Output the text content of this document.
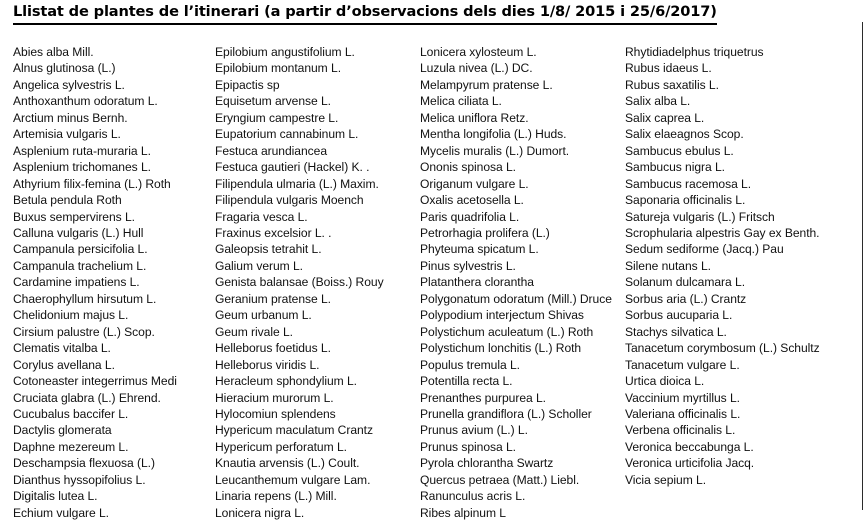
Llistat de plantes de l’itinerari (a partir d’observacions dels dies 1/8/ 2015 i 25/6/2017)
Abies alba Mill.
Alnus glutinosa (L.)
Angelica sylvestris L.
Anthoxanthum odoratum L.
Arctium minus Bernh.
Artemisia vulgaris L.
Asplenium ruta-muraria L.
Asplenium trichomanes L.
Athyrium filix-femina (L.) Roth
Betula pendula Roth
Buxus sempervirens L.
Calluna vulgaris (L.) Hull
Campanula persicifolia L.
Campanula trachelium L.
Cardamine impatiens L.
Chaerophyllum hirsutum L.
Chelidonium majus L.
Cirsium palustre (L.) Scop.
Clematis vitalba L.
Corylus avellana L.
Cotoneaster integerrimus Medi
Cruciata glabra (L.) Ehrend.
Cucubalus baccifer L.
Dactylis glomerata
Daphne mezereum L.
Deschampsia flexuosa (L.)
Dianthus hyssopifolius L.
Digitalis lutea L.
Echium vulgare L.
Epilobium angustifolium L.
Epilobium montanum L.
Epipactis sp
Equisetum arvense L.
Eryngium campestre L.
Eupatorium cannabinum L.
Festuca arundiancea
Festuca gautieri (Hackel) K. .
Filipendula ulmaria (L.) Maxim.
Filipendula vulgaris Moench
Fragaria vesca L.
Fraxinus excelsior L. .
Galeopsis tetrahit L.
Galium verum L.
Genista balansae (Boiss.) Rouy
Geranium pratense L.
Geum urbanum L.
Geum rivale L.
Helleborus foetidus L.
Helleborus viridis L.
Heracleum sphondylium L.
Hieracium murorum L.
Hylocomiun splendens
Hypericum maculatum Crantz
Hypericum perforatum L.
Knautia arvensis (L.) Coult.
Leucanthemum vulgare Lam.
Linaria repens (L.) Mill.
Lonicera nigra L.
Lonicera xylosteum L.
Luzula nivea (L.) DC.
Melampyrum pratense L.
Melica ciliata L.
Melica uniflora Retz.
Mentha longifolia (L.) Huds.
Mycelis muralis (L.) Dumort.
Ononis spinosa L.
Origanum vulgare L.
Oxalis acetosella L.
Paris quadrifolia L.
Petrorhagia prolifera (L.)
Phyteuma spicatum L.
Pinus sylvestris L.
Platanthera clorantha
Polygonatum odoratum (Mill.) Druce
Polypodium interjectum Shivas
Polystichum aculeatum (L.) Roth
Polystichum lonchitis (L.) Roth
Populus tremula L.
Potentilla recta L.
Prenanthes purpurea L.
Prunella grandiflora (L.) Scholler
Prunus avium (L.) L.
Prunus spinosa L.
Pyrola chlorantha Swartz
Quercus petraea (Matt.) Liebl.
Ranunculus acris L.
Ribes alpinum L
Rhytidiadelphus triquetrus
Rubus idaeus L.
Rubus saxatilis L.
Salix alba L.
Salix caprea L.
Salix elaeagnos Scop.
Sambucus ebulus L.
Sambucus nigra L.
Sambucus racemosa L.
Saponaria officinalis L.
Satureja vulgaris (L.) Fritsch
Scrophularia alpestris Gay ex Benth.
Sedum sediforme (Jacq.) Pau
Silene nutans L.
Solanum dulcamara L.
Sorbus aria (L.) Crantz
Sorbus aucuparia L.
Stachys silvatica L.
Tanacetum corymbosum (L.) Schultz
Tanacetum vulgare L.
Urtica dioica L.
Vaccinium myrtillus L.
Valeriana officinalis L.
Verbena officinalis L.
Veronica beccabunga L.
Veronica urticifolia Jacq.
Vicia sepium L.
